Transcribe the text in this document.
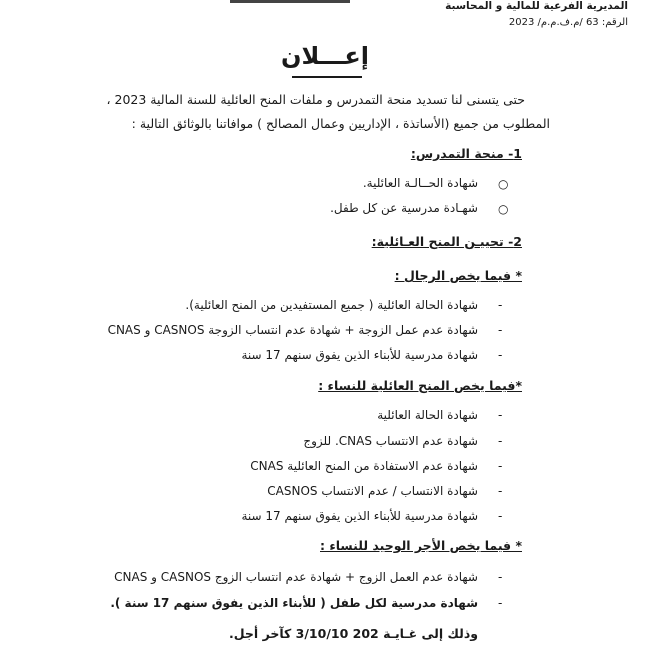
المديرية الفرعية للمالية و المحاسبة
الرقم: 63 /م.ف.م.م/ 2023
إعـــلان
حتى يتسنى لنا تسديد منحة التمدرس و ملفات المنح العائلية للسنة المالية 2023 ،
المطلوب من جميع (الأساتذة ، الإداريين وعمال المصالح ) موافاتنا بالوثائق التالية :
1- منحة التمدرس:
○
شهادة الحــالـة العائلية.
○
شهـادة مدرسية عن كل طفل.
2- تحييـن المنح العـائلية:
* فيما يخص الرجال :
-
شهادة الحالة العائلية ( جميع المستفيدين من المنح العائلية).
-
شهادة عدم عمل الزوجة + شهادة عدم انتساب الزوجة CASNOS و CNAS
-
شهادة مدرسية للأبناء الذين يفوق سنهم 17 سنة
*فيما يخص المنح العائلية للنساء :
-
شهادة الحالة العائلية
-
شهادة عدم الانتساب CNAS. للزوج
-
شهادة عدم الاستفادة من المنح العائلية CNAS
-
شهادة الانتساب / عدم الانتساب CASNOS
-
شهادة مدرسية للأبناء الذين يفوق سنهم 17 سنة
* فيما يخص الأجر الوحيد للنساء :
-
شهادة عدم العمل الزوج + شهادة عدم انتساب الزوج CASNOS و CNAS
-
شهادة مدرسية لكل طفل ( للأبناء الذين يفوق سنهم 17 سنة ).
وذلك إلى غـايـة 202 3/10/10 كآخر أجل.
